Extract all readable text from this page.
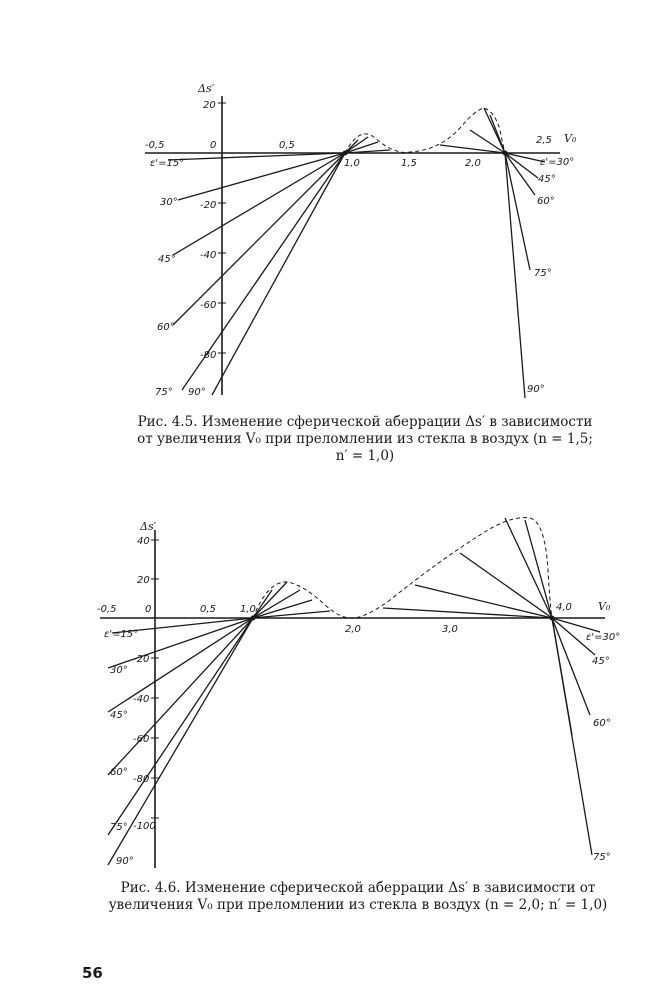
Δs′
V₀
-0,5	0	0,5
1,0	1,5	2,0
2,5
20
-20
-40
-60
-80
ε'=15°
30°
45°
60°
75° 90°
ε'=30°
45°
60°
75°
90°
Δs′
V₀
-0,5	0	0,5 1,0
2,0	3,0
4,0
40
20
-20
-40
-60
-80
-100
ε'=15°
30°
45°
60°
75°
90°
ε'=30°
45°
60°
75°
Рис. 4.5. Изменение сферической аберрации Δs′ в зависимости от увеличения V₀ при преломлении из стекла в воздух (n = 1,5; n′ = 1,0)
Рис. 4.6. Изменение сферической аберрации Δs′ в зависимости от увеличения V₀ при преломлении из стекла в воздух (n = 2,0; n′ = 1,0)
56
